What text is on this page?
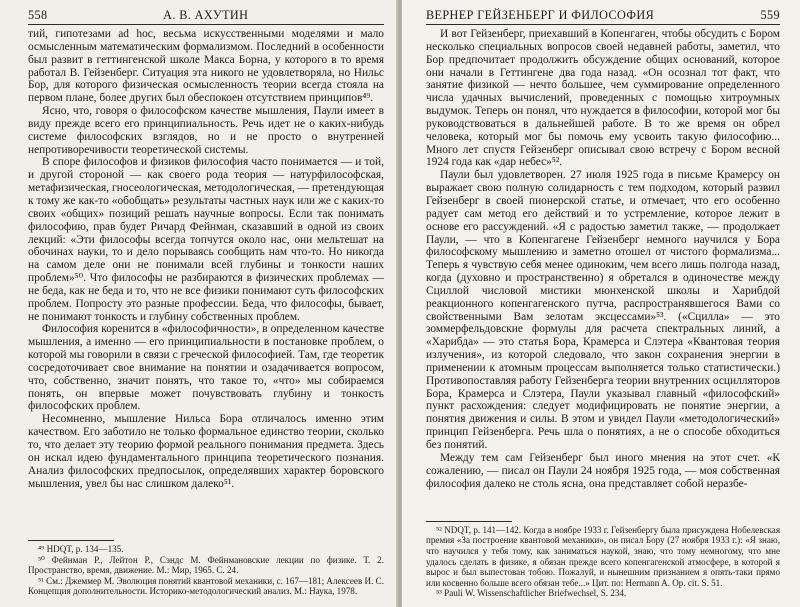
558	А. В. АХУТИН

тий, гипотезами ad hoc, весьма искусственными моделями и мало осмысленным математическим формализмом. Последний в особенности был развит в геттингенской школе Макса Борна, у которого в то время работал В. Гейзенберг. Ситуация эта никого не удовлетворяла, но Нильс Бор, для которого физическая осмысленность теории всегда стояла на первом плане, более других был обеспокоен отсутствием принципов⁴⁹.

Ясно, что, говоря о философском качестве мышления, Паули имеет в виду прежде всего его принципиальность. Речь идет не о каких-нибудь системе философских взглядов, но и не просто о внутренней непротиворечивости теоретической системы.

В споре философов и физиков философия часто понимается — и той, и другой стороной — как своего рода теория — натурфилософская, метафизическая, гносеологическая, методологическая, — претендующая к тому же как-то «обобщать» результаты частных наук или же с каких-то своих «общих» позиций решать научные вопросы. Если так понимать философию, прав будет Ричард Фейнман, сказавший в одной из своих лекций: «Эти философы всегда топчутся около нас, они мельтешат на обочинах науки, то и дело порываясь сообщить нам что-то. Но никогда на самом деле они не понимали всей глубины и тонкости наших проблем»⁵⁰. Что философы не разбираются в физических проблемах — не беда, как не беда и то, что не все физики понимают суть философских проблем. Попросту это разные профессии. Беда, что философы, бывает, не понимают тонкость и глубину собственных проблем.

Философия коренится в «философичности», в определенном качестве мышления, а именно — его принципиальности в постановке проблем, о которой мы говорили в связи с греческой философией. Там, где теоретик сосредоточивает свое внимание на понятии и озадачивается вопросом, что, собственно, значит понять, что такое то, «что» мы собираемся понять, он впервые может почувствовать глубину и тонкость философских проблем.

Несомненно, мышление Нильса Бора отличалось именно этим качеством. Его заботило не только формальное единство теории, сколько то, что делает эту теорию формой реального понимания предмета. Здесь он искал идею фундаментального принципа теоретического познания. Анализ философских предпосылок, определявших характер боровского мышления, увел бы нас слишком далеко⁵¹.

⁴⁹ HDQT, p. 134—135.

⁵⁰ Фейнман Р., Лейтон Р., Сэндс М. Фейнмановские лекции по физике. Т. 2. Пространство, время, движение. М.: Мир, 1965. С. 24.

⁵¹ См.: Джеммер М. Эволюция понятий квантовой механики, с. 167—181; Алексеев И. С. Концепция дополнительности. Историко-методологический анализ. М.: Наука, 1978.

ВЕРНЕР ГЕЙЗЕНБЕРГ И ФИЛОСОФИЯ	559

И вот Гейзенберг, приехавший в Копенгаген, чтобы обсудить с Бором несколько специальных вопросов своей недавней работы, заметил, что Бор предпочитает продолжить обсуждение общих оснований, которое они начали в Геттингене два года назад. «Он осознал тот факт, что занятие физикой — нечто большее, чем суммирование определенного числа удачных вычислений, проведенных с помощью хитроумных выдумок. Теперь он понял, что нуждается в философии, которой мог бы руководствоваться в дальнейшей работе. В то же время он обрел человека, который мог бы помочь ему усвоить такую философию... Много лет спустя Гейзенберг описывал свою встречу с Бором весной 1924 года как «дар небес»⁵².

Паули был удовлетворен. 27 июля 1925 года в письме Крамерсу он выражает свою полную солидарность с тем подходом, который развил Гейзенберг в своей пионерской статье, и отмечает, что его особенно радует сам метод его действий и то устремление, которое лежит в основе его рассуждений. «Я с радостью заметил также, — продолжает Паули, — что в Копенгагене Гейзенберг немного научился у Бора философскому мышлению и заметно отошел от чистого формализма... Теперь я чувствую себя менее одиноким, чем всего лишь полгода назад, когда (духовно и пространственно) я обретался в одиночестве между Сциллой числовой мистики мюнхенской школы и Харибдой реакционного копенгагенского путча, распространявшегося Вами со свойственными Вам зелотам эксцессами»⁵³. («Сцилла» — это зоммерфельдовские формулы для расчета спектральных линий, а «Харибда» — это статья Бора, Крамерса и Слэтера «Квантовая теория излучения», из которой следовало, что закон сохранения энергии в применении к атомным процессам выполняется только статистически.) Противопоставляя работу Гейзенберга теории внутренних осцилляторов Бора, Крамерса и Слэтера, Паули указывал главный «философский» пункт расхождения: следует модифицировать не понятие энергии, а понятия движения и силы. В этом и увидел Паули «методологический» принцип Гейзенберга. Речь шла о понятиях, а не о способе обходиться без понятий.

Между тем сам Гейзенберг был иного мнения на этот счет. «К сожалению, — писал он Паули 24 ноября 1925 года, — моя собственная философия далеко не столь ясна, она представляет собой неразбе-

⁵² NDQT, p. 141—142. Когда в ноябре 1933 г. Гейзенбергу была присуждена Нобелевская премия «За построение квантовой механики», он писал Бору (27 ноября 1933 г.): «Я знаю, что научился у тебя тому, как заниматься наукой, знаю, что тому немногому, что мне удалось сделать в физике, я обязан прежде всего копенгагенской атмосфере, в которой я вырос и был выпестован тобою. Пожалуй, и нынешним признанием я опять-таки прямо или косвенно больше всего обязан тебе...» Цит. по: Hermann A. Op. cit. S. 51.

⁵³ Pauli W. Wissenschaftlicher Briefwechsel, S. 234.
